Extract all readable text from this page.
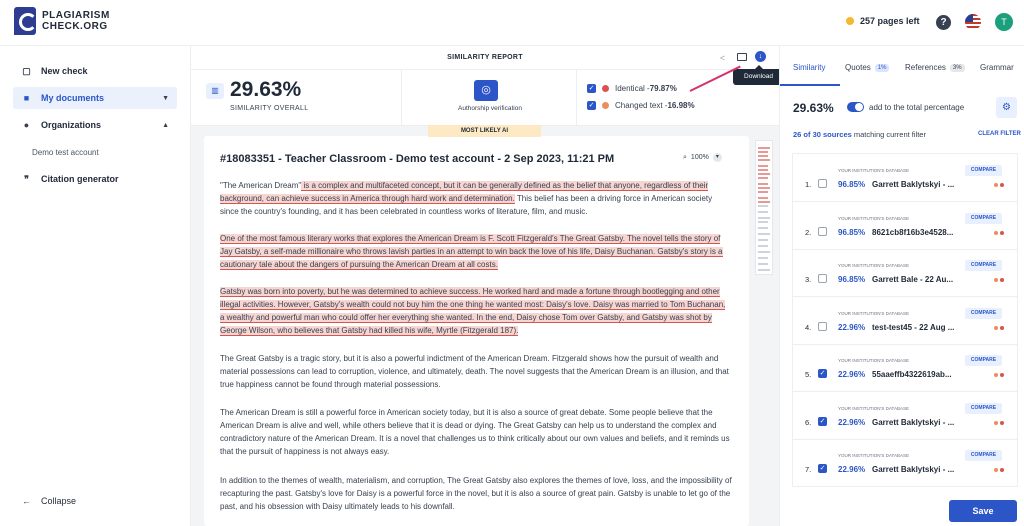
PLAGIARISM
CHECK.ORG	257 pages left	?	T
▢ New check
■	My documents	▼
●	Organizations	▲
Demo test account
❞	Citation generator
← Collapse
SIMILARITY REPORT	<	↓
▥ 29.63%
SIMILARITY OVERALL
◎
Authorship verification
✓	Identical - 79.87%
✓	Changed text - 16.98%
Download
#18083351 - Teacher Classroom - Demo test account - 2 Sep 2023, 11:21 PM	⌕ 100%	▾
"The American Dream" is a complex and multifaceted concept, but it can be generally defined as the belief that anyone, regardless of their background, can achieve success in America through hard work and determination. This belief has been a driving force in American society since the country's founding, and it has been celebrated in countless works of literature, film, and music.
One of the most famous literary works that explores the American Dream is F. Scott Fitzgerald's The Great Gatsby. The novel tells the story of Jay Gatsby, a self-made millionaire who throws lavish parties in an attempt to win back the love of his life, Daisy Buchanan. Gatsby's story is a cautionary tale about the dangers of pursuing the American Dream at all costs.
Gatsby was born into poverty, but he was determined to achieve success. He worked hard and made a fortune through bootlegging and other illegal activities. However, Gatsby's wealth could not buy him the one thing he wanted most: Daisy's love. Daisy was married to Tom Buchanan, a wealthy and powerful man who could offer her everything she wanted. In the end, Daisy chose Tom over Gatsby, and Gatsby was shot by George Wilson, who believes that Gatsby had killed his wife, Myrtle (Fitzgerald 187).
The Great Gatsby is a tragic story, but it is also a powerful indictment of the American Dream. Fitzgerald shows how the pursuit of wealth and material possessions can lead to corruption, violence, and ultimately, death. The novel suggests that the American Dream is an illusion, and that true happiness cannot be found through material possessions.
The American Dream is still a powerful force in American society today, but it is also a source of great debate. Some people believe that the American Dream is alive and well, while others believe that it is dead or dying. The Great Gatsby can help us to understand the complex and contradictory nature of the American Dream. It is a novel that challenges us to think critically about our own values and beliefs, and it reminds us that the pursuit of happiness is not always easy.
In addition to the themes of wealth, materialism, and corruption, The Great Gatsby also explores the themes of love, loss, and the impossibility of recapturing the past. Gatsby's love for Daisy is a powerful force in the novel, but it is also a source of great pain. Gatsby is unable to let go of the past, and his obsession with Daisy ultimately leads to his downfall.
MOST LIKELY AI
Similarity Quotes	1%	References	3%	Grammar
29.63%	add to the total percentage	⚙
26 of 30 sources matching current filter	CLEAR FILTER
1.
YOUR INSTITUTION'S DATABASE
96.85% Garrett Baklytskyi - ...
COMPARE
2.
YOUR INSTITUTION'S DATABASE
96.85% 8621cb8f16b3e4528...
COMPARE
3.
YOUR INSTITUTION'S DATABASE
96.85% Garrett Bale - 22 Au...
COMPARE
4.
YOUR INSTITUTION'S DATABASE
22.96% test-test45 - 22 Aug ...
COMPARE
5. ✓
YOUR INSTITUTION'S DATABASE
22.96% 55aaeffb4322619ab...
COMPARE
6. ✓
YOUR INSTITUTION'S DATABASE
22.96% Garrett Baklytskyi - ...
COMPARE
7. ✓
YOUR INSTITUTION'S DATABASE
22.96% Garrett Baklytskyi - ...
COMPARE
Save
